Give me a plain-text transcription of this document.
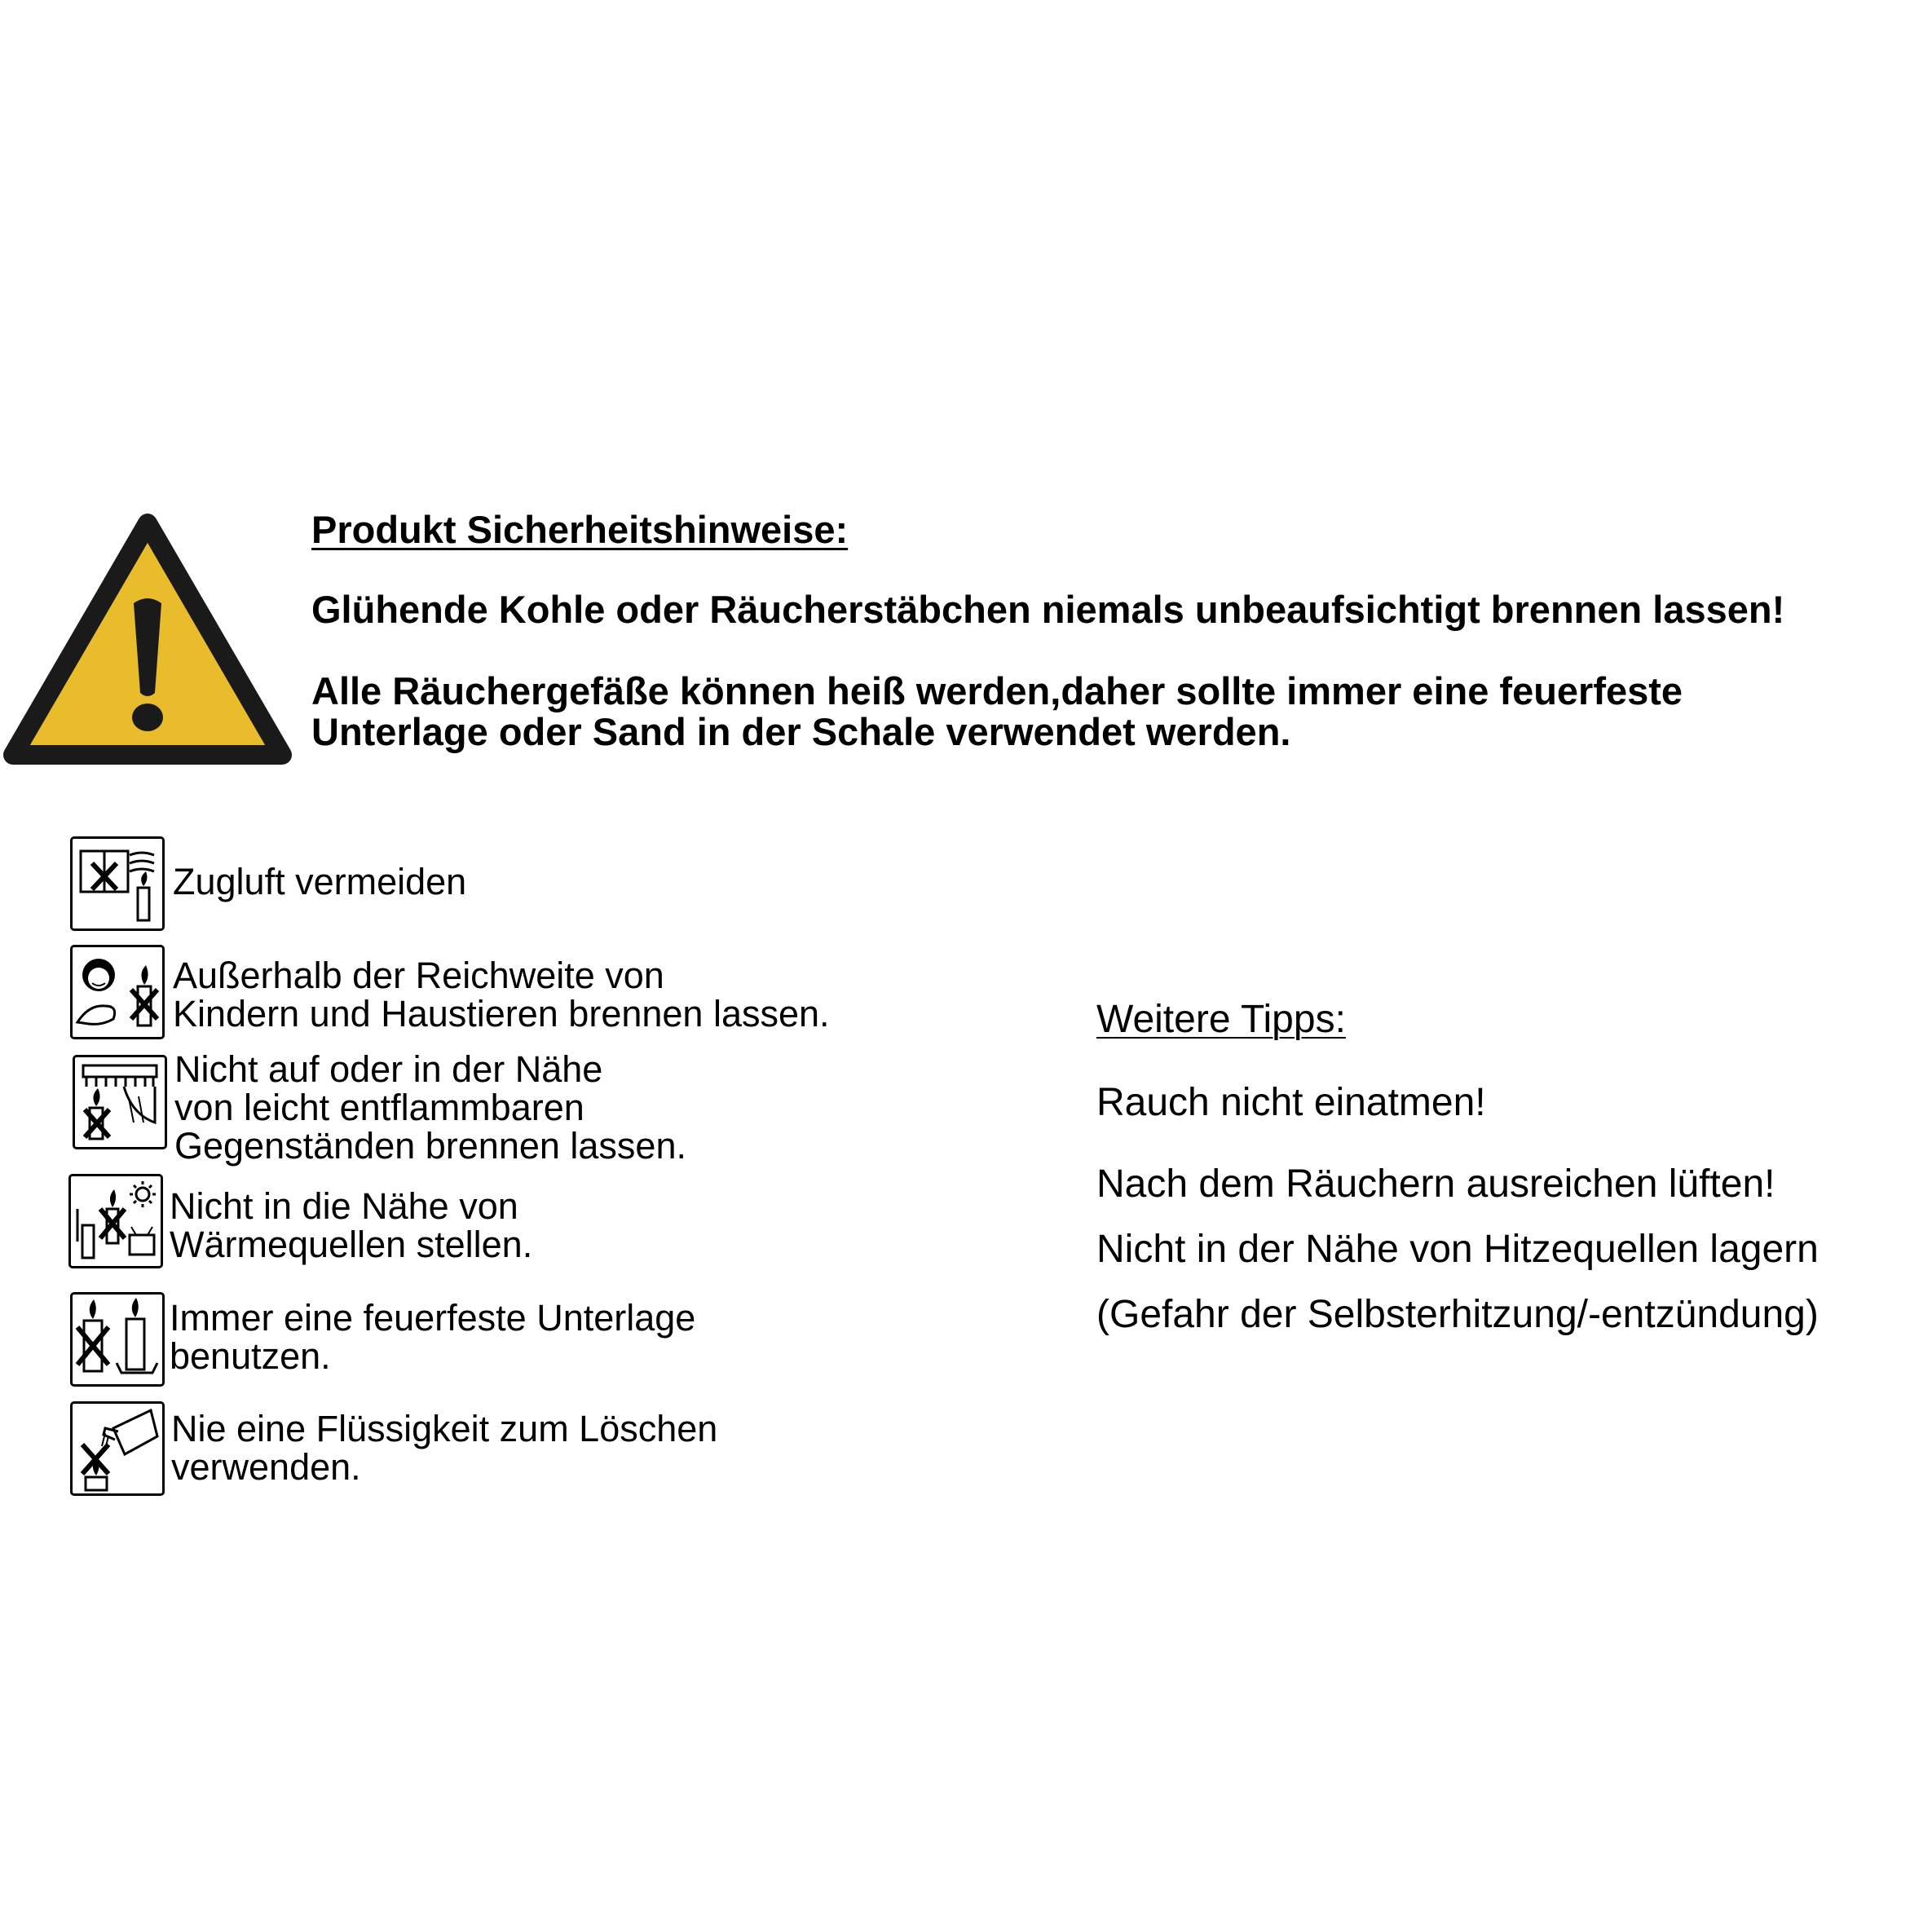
Produkt Sicherheitshinweise:
Glühende Kohle oder Räucherstäbchen niemals unbeaufsichtigt brennen lassen!
Alle Räuchergefäße können heiß werden,daher sollte immer eine feuerfeste
Unterlage oder Sand in der Schale verwendet werden.
Zugluft vermeiden
Außerhalb der Reichweite von
Kindern und Haustieren brennen lassen.
Nicht auf oder in der Nähe
von leicht entflammbaren
Gegenständen brennen lassen.
Nicht in die Nähe von
Wärmequellen stellen.
Immer eine feuerfeste Unterlage
benutzen.
Nie eine Flüssigkeit zum Löschen
verwenden.
Weitere Tipps:
Rauch nicht einatmen!
Nach dem Räuchern ausreichen lüften!
Nicht in der Nähe von Hitzequellen lagern
(Gefahr der Selbsterhitzung/-entzündung)
